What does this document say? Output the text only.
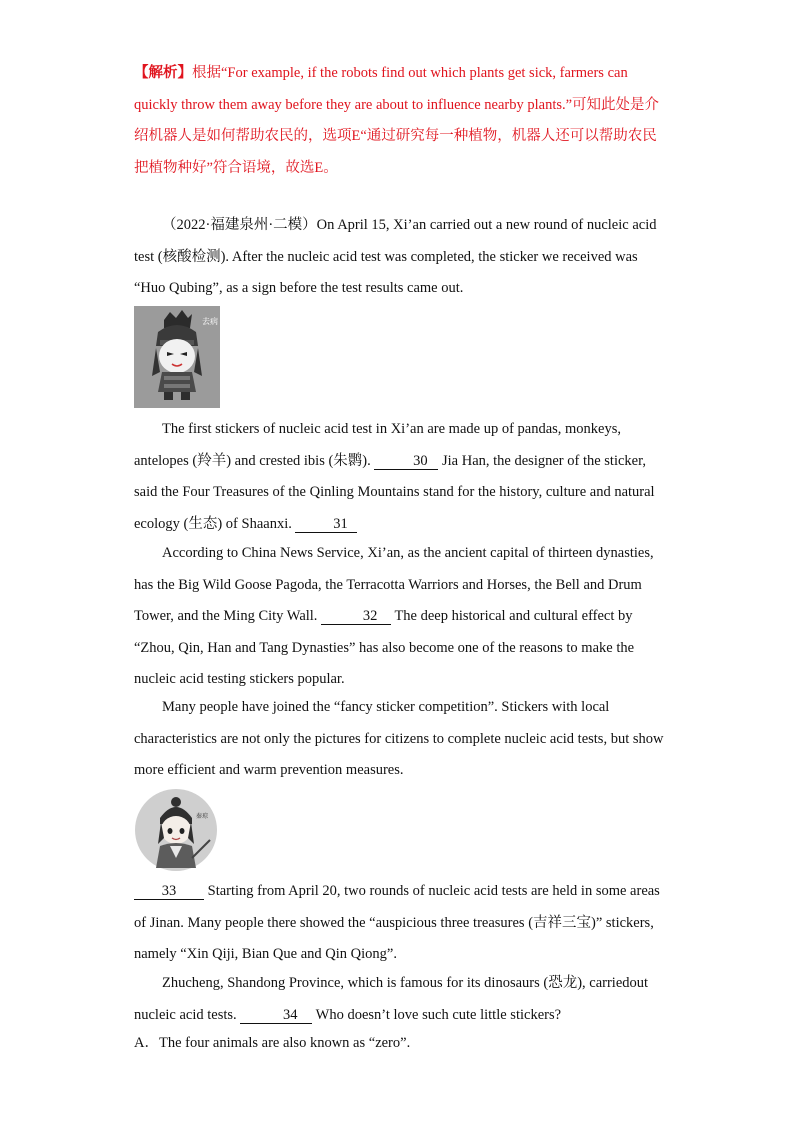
【解析】根据“For example, if the robots find out which plants get sick, farmers can quickly throw them away before they are about to influence nearby plants.”可知此处是介绍机器人是如何帮助农民的，选项E“通过研究每一种植物，机器人还可以帮助农民把植物种好”符合语境，故选E。
（2022·福建泉州·二模）On April 15, Xi’an carried out a new round of nucleic acid test (核酸检测). After the nucleic acid test was completed, the sticker we received was “Huo Qubing”, as a sign before the test results came out.
去病
The first stickers of nucleic acid test in Xi’an are made up of pandas, monkeys, antelopes (羚羊) and crested ibis (朱鹮).	30 Jia Han, the designer of the sticker, said the Four Treasures of the Qinling Mountains stand for the history, culture and natural ecology (生态) of Shaanxi.	31
According to China News Service, Xi’an, as the ancient capital of thirteen dynasties, has the Big Wild Goose Pagoda, the Terracotta Warriors and Horses, the Bell and Drum Tower, and the Ming City Wall.	32 The deep historical and cultural effect by “Zhou, Qin, Han and Tang Dynasties” has also become one of the reasons to make the nucleic acid testing stickers popular.
Many people have joined the “fancy sticker competition”. Stickers with local characteristics are not only the pictures for citizens to complete nucleic acid tests, but show more efficient and warm prevention measures.
秦琼
33 Starting from April 20, two rounds of nucleic acid tests are held in some areas of Jinan. Many people there showed the “auspicious three treasures (吉祥三宝)” stickers, namely “Xin Qiji, Bian Que and Qin Qiong”.
Zhucheng, Shandong Province, which is famous for its dinosaurs (恐龙), carriedout nucleic acid tests.	34 Who doesn’t love such cute little stickers?
A．The four animals are also known as “zero”.
